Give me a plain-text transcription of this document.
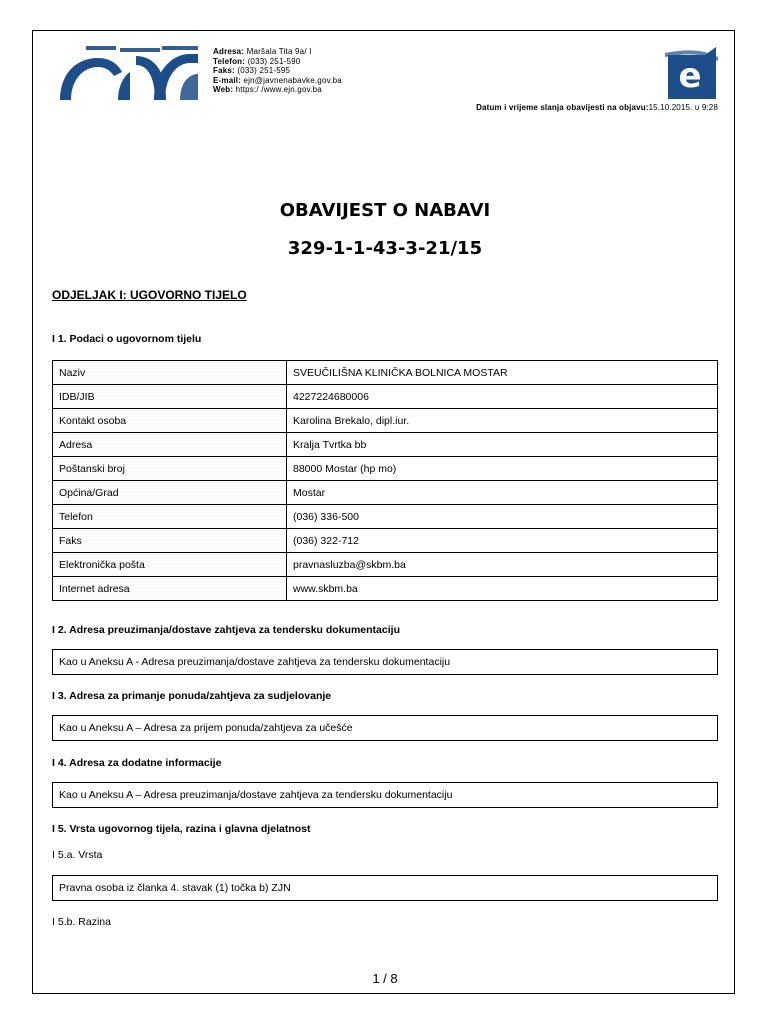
Adresa: Maršala Tita 9a/ I
Telefon: (033) 251-590
Faks: (033) 251-595
E-mail: ejn@javnenabavke.gov.ba
Web: https:/ /www.ejn.gov.ba	e
Datum i vrijeme slanja obavijesti na objavu:15.10.2015. u 9:28
OBAVIJEST O NABAVI
329-1-1-43-3-21/15
ODJELJAK I: UGOVORNO TIJELO
I 1. Podaci o ugovornom tijelu
Naziv	SVEUČILIŠNA KLINIČKA BOLNICA MOSTAR
IDB/JIB	4227224680006
Kontakt osoba	Karolina Brekalo, dipl.iur.
Adresa	Kralja Tvrtka bb
Poštanski broj	88000 Mostar (hp mo)
Općina/Grad	Mostar
Telefon	(036) 336-500
Faks	(036) 322-712
Elektronička pošta	pravnasluzba@skbm.ba
Internet adresa	www.skbm.ba
I 2. Adresa preuzimanja/dostave zahtjeva za tendersku dokumentaciju
Kao u Aneksu A - Adresa preuzimanja/dostave zahtjeva za tendersku dokumentaciju
I 3. Adresa za primanje ponuda/zahtjeva za sudjelovanje
Kao u Aneksu A – Adresa za prijem ponuda/zahtjeva za učešće
I 4. Adresa za dodatne informacije
Kao u Aneksu A – Adresa preuzimanja/dostave zahtjeva za tendersku dokumentaciju
I 5. Vrsta ugovornog tijela, razina i glavna djelatnost
I 5.a. Vrsta
Pravna osoba iz članka 4. stavak (1) točka b) ZJN
I 5.b. Razina
1 / 8
